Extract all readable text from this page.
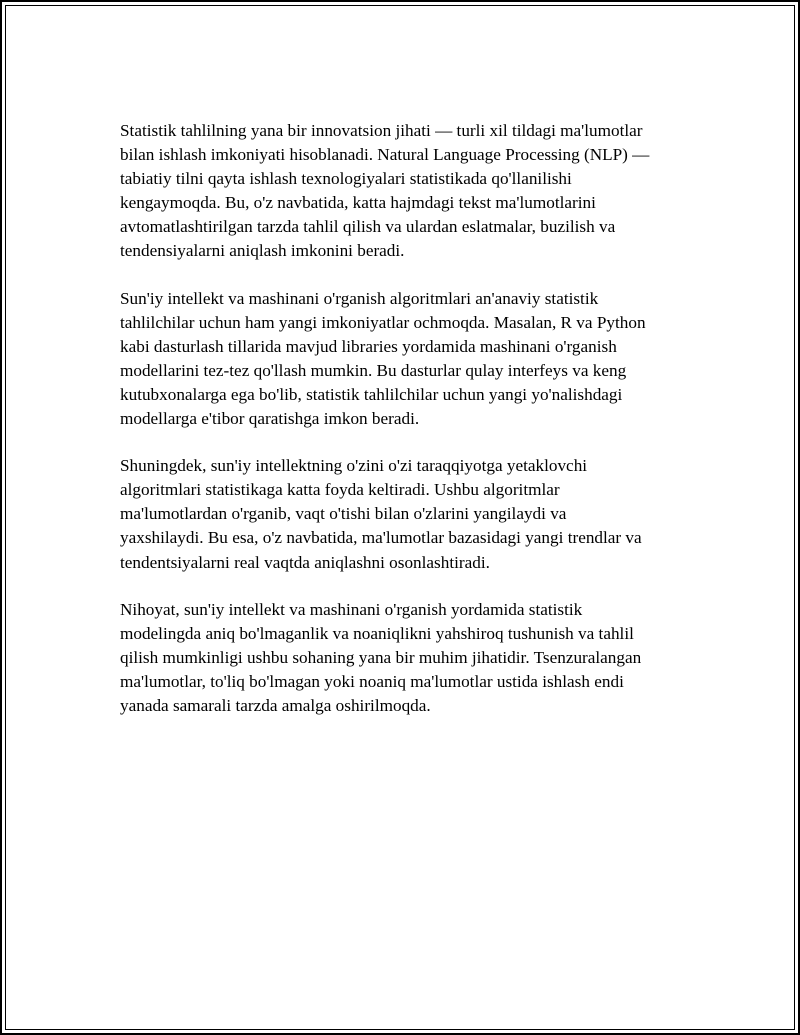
Statistik tahlilning yana bir innovatsion jihati — turli xil tildagi ma'lumotlar
bilan ishlash imkoniyati hisoblanadi. Natural Language Processing (NLP) —
tabiatiy tilni qayta ishlash texnologiyalari statistikada qo'llanilishi
kengaymoqda. Bu, o'z navbatida, katta hajmdagi tekst ma'lumotlarini
avtomatlashtirilgan tarzda tahlil qilish va ulardan eslatmalar, buzilish va
tendensiyalarni aniqlash imkonini beradi.

Sun'iy intellekt va mashinani o'rganish algoritmlari an'anaviy statistik
tahlilchilar uchun ham yangi imkoniyatlar ochmoqda. Masalan, R va Python
kabi dasturlash tillarida mavjud libraries yordamida mashinani o'rganish
modellarini tez-tez qo'llash mumkin. Bu dasturlar qulay interfeys va keng
kutubxonalarga ega bo'lib, statistik tahlilchilar uchun yangi yo'nalishdagi
modellarga e'tibor qaratishga imkon beradi.

Shuningdek, sun'iy intellektning o'zini o'zi taraqqiyotga yetaklovchi
algoritmlari statistikaga katta foyda keltiradi. Ushbu algoritmlar
ma'lumotlardan o'rganib, vaqt o'tishi bilan o'zlarini yangilaydi va
yaxshilaydi. Bu esa, o'z navbatida, ma'lumotlar bazasidagi yangi trendlar va
tendentsiyalarni real vaqtda aniqlashni osonlashtiradi.

Nihoyat, sun'iy intellekt va mashinani o'rganish yordamida statistik
modelingda aniq bo'lmaganlik va noaniqlikni yahshiroq tushunish va tahlil
qilish mumkinligi ushbu sohaning yana bir muhim jihatidir. Tsenzuralangan
ma'lumotlar, to'liq bo'lmagan yoki noaniq ma'lumotlar ustida ishlash endi
yanada samarali tarzda amalga oshirilmoqda.
